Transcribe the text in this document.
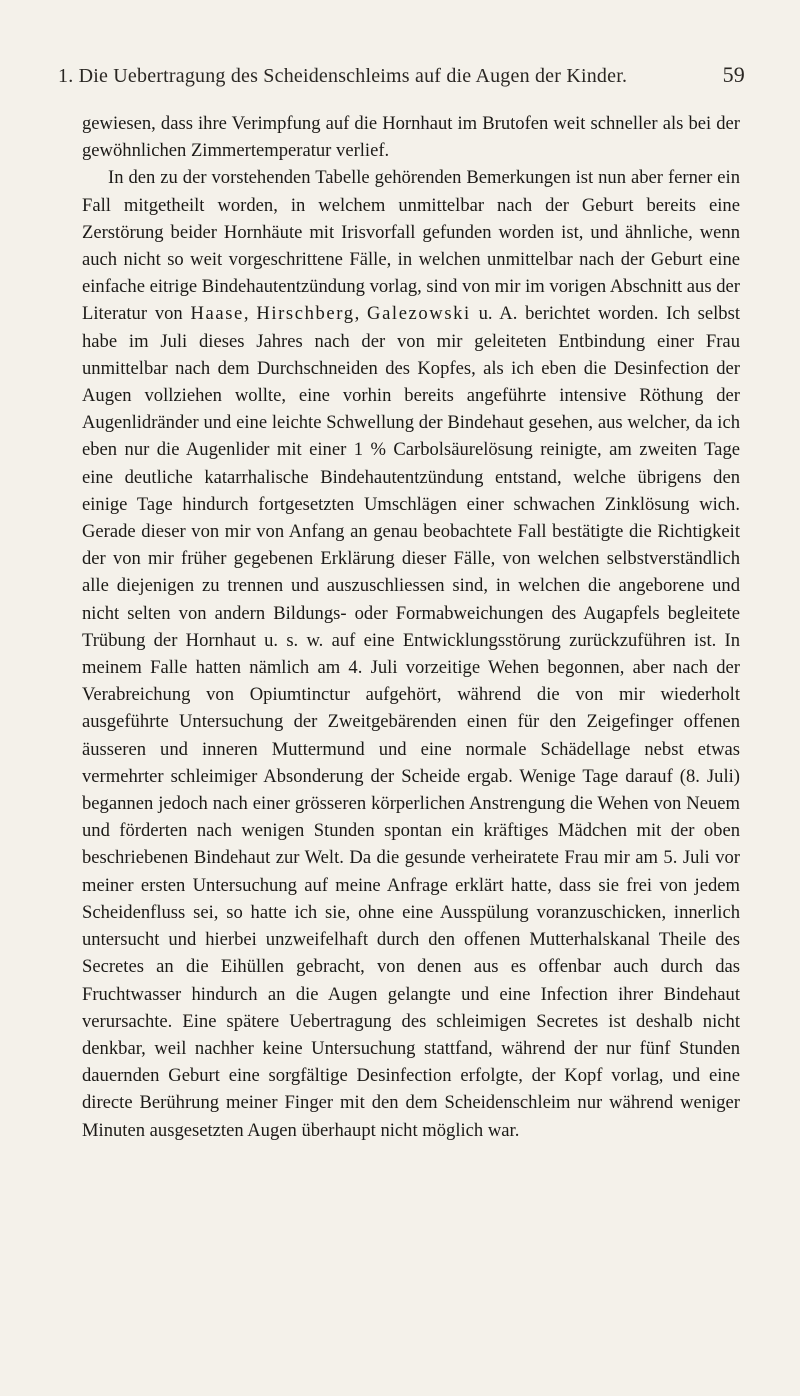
1. Die Uebertragung des Scheidenschleims auf die Augen der Kinder.	59

gewiesen, dass ihre Verimpfung auf die Hornhaut im Brutofen weit schneller als bei der gewöhnlichen Zimmertemperatur verlief.

In den zu der vorstehenden Tabelle gehörenden Bemerkungen ist nun aber ferner ein Fall mitgetheilt worden, in welchem unmittelbar nach der Geburt bereits eine Zerstörung beider Hornhäute mit Irisvorfall gefunden worden ist, und ähnliche, wenn auch nicht so weit vorgeschrittene Fälle, in welchen unmittelbar nach der Geburt eine einfache eitrige Bindehautentzündung vorlag, sind von mir im vorigen Abschnitt aus der Literatur von Haase, Hirschberg, Galezowski u. A. berichtet worden. Ich selbst habe im Juli dieses Jahres nach der von mir geleiteten Entbindung einer Frau unmittelbar nach dem Durchschneiden des Kopfes, als ich eben die Desinfection der Augen vollziehen wollte, eine vorhin bereits angeführte intensive Röthung der Augenlidränder und eine leichte Schwellung der Bindehaut gesehen, aus welcher, da ich eben nur die Augenlider mit einer 1 % Carbolsäurelösung reinigte, am zweiten Tage eine deutliche katarrhalische Bindehautentzündung entstand, welche übrigens den einige Tage hindurch fortgesetzten Umschlägen einer schwachen Zinklösung wich. Gerade dieser von mir von Anfang an genau beobachtete Fall bestätigte die Richtigkeit der von mir früher gegebenen Erklärung dieser Fälle, von welchen selbstverständlich alle diejenigen zu trennen und auszuschliessen sind, in welchen die angeborene und nicht selten von andern Bildungs- oder Formabweichungen des Augapfels begleitete Trübung der Hornhaut u. s. w. auf eine Entwicklungsstörung zurückzuführen ist. In meinem Falle hatten nämlich am 4. Juli vorzeitige Wehen begonnen, aber nach der Verabreichung von Opiumtinctur aufgehört, während die von mir wiederholt ausgeführte Untersuchung der Zweitgebärenden einen für den Zeigefinger offenen äusseren und inneren Muttermund und eine normale Schädellage nebst etwas vermehrter schleimiger Absonderung der Scheide ergab. Wenige Tage darauf (8. Juli) begannen jedoch nach einer grösseren körperlichen Anstrengung die Wehen von Neuem und förderten nach wenigen Stunden spontan ein kräftiges Mädchen mit der oben beschriebenen Bindehaut zur Welt. Da die gesunde verheiratete Frau mir am 5. Juli vor meiner ersten Untersuchung auf meine Anfrage erklärt hatte, dass sie frei von jedem Scheidenfluss sei, so hatte ich sie, ohne eine Ausspülung voranzuschicken, innerlich untersucht und hierbei unzweifelhaft durch den offenen Mutterhalskanal Theile des Secretes an die Eihüllen gebracht, von denen aus es offenbar auch durch das Fruchtwasser hindurch an die Augen gelangte und eine Infection ihrer Bindehaut verursachte. Eine spätere Uebertragung des schleimigen Secretes ist deshalb nicht denkbar, weil nachher keine Untersuchung stattfand, während der nur fünf Stunden dauernden Geburt eine sorgfältige Desinfection erfolgte, der Kopf vorlag, und eine directe Berührung meiner Finger mit den dem Scheidenschleim nur während weniger Minuten ausgesetzten Augen überhaupt nicht möglich war.
